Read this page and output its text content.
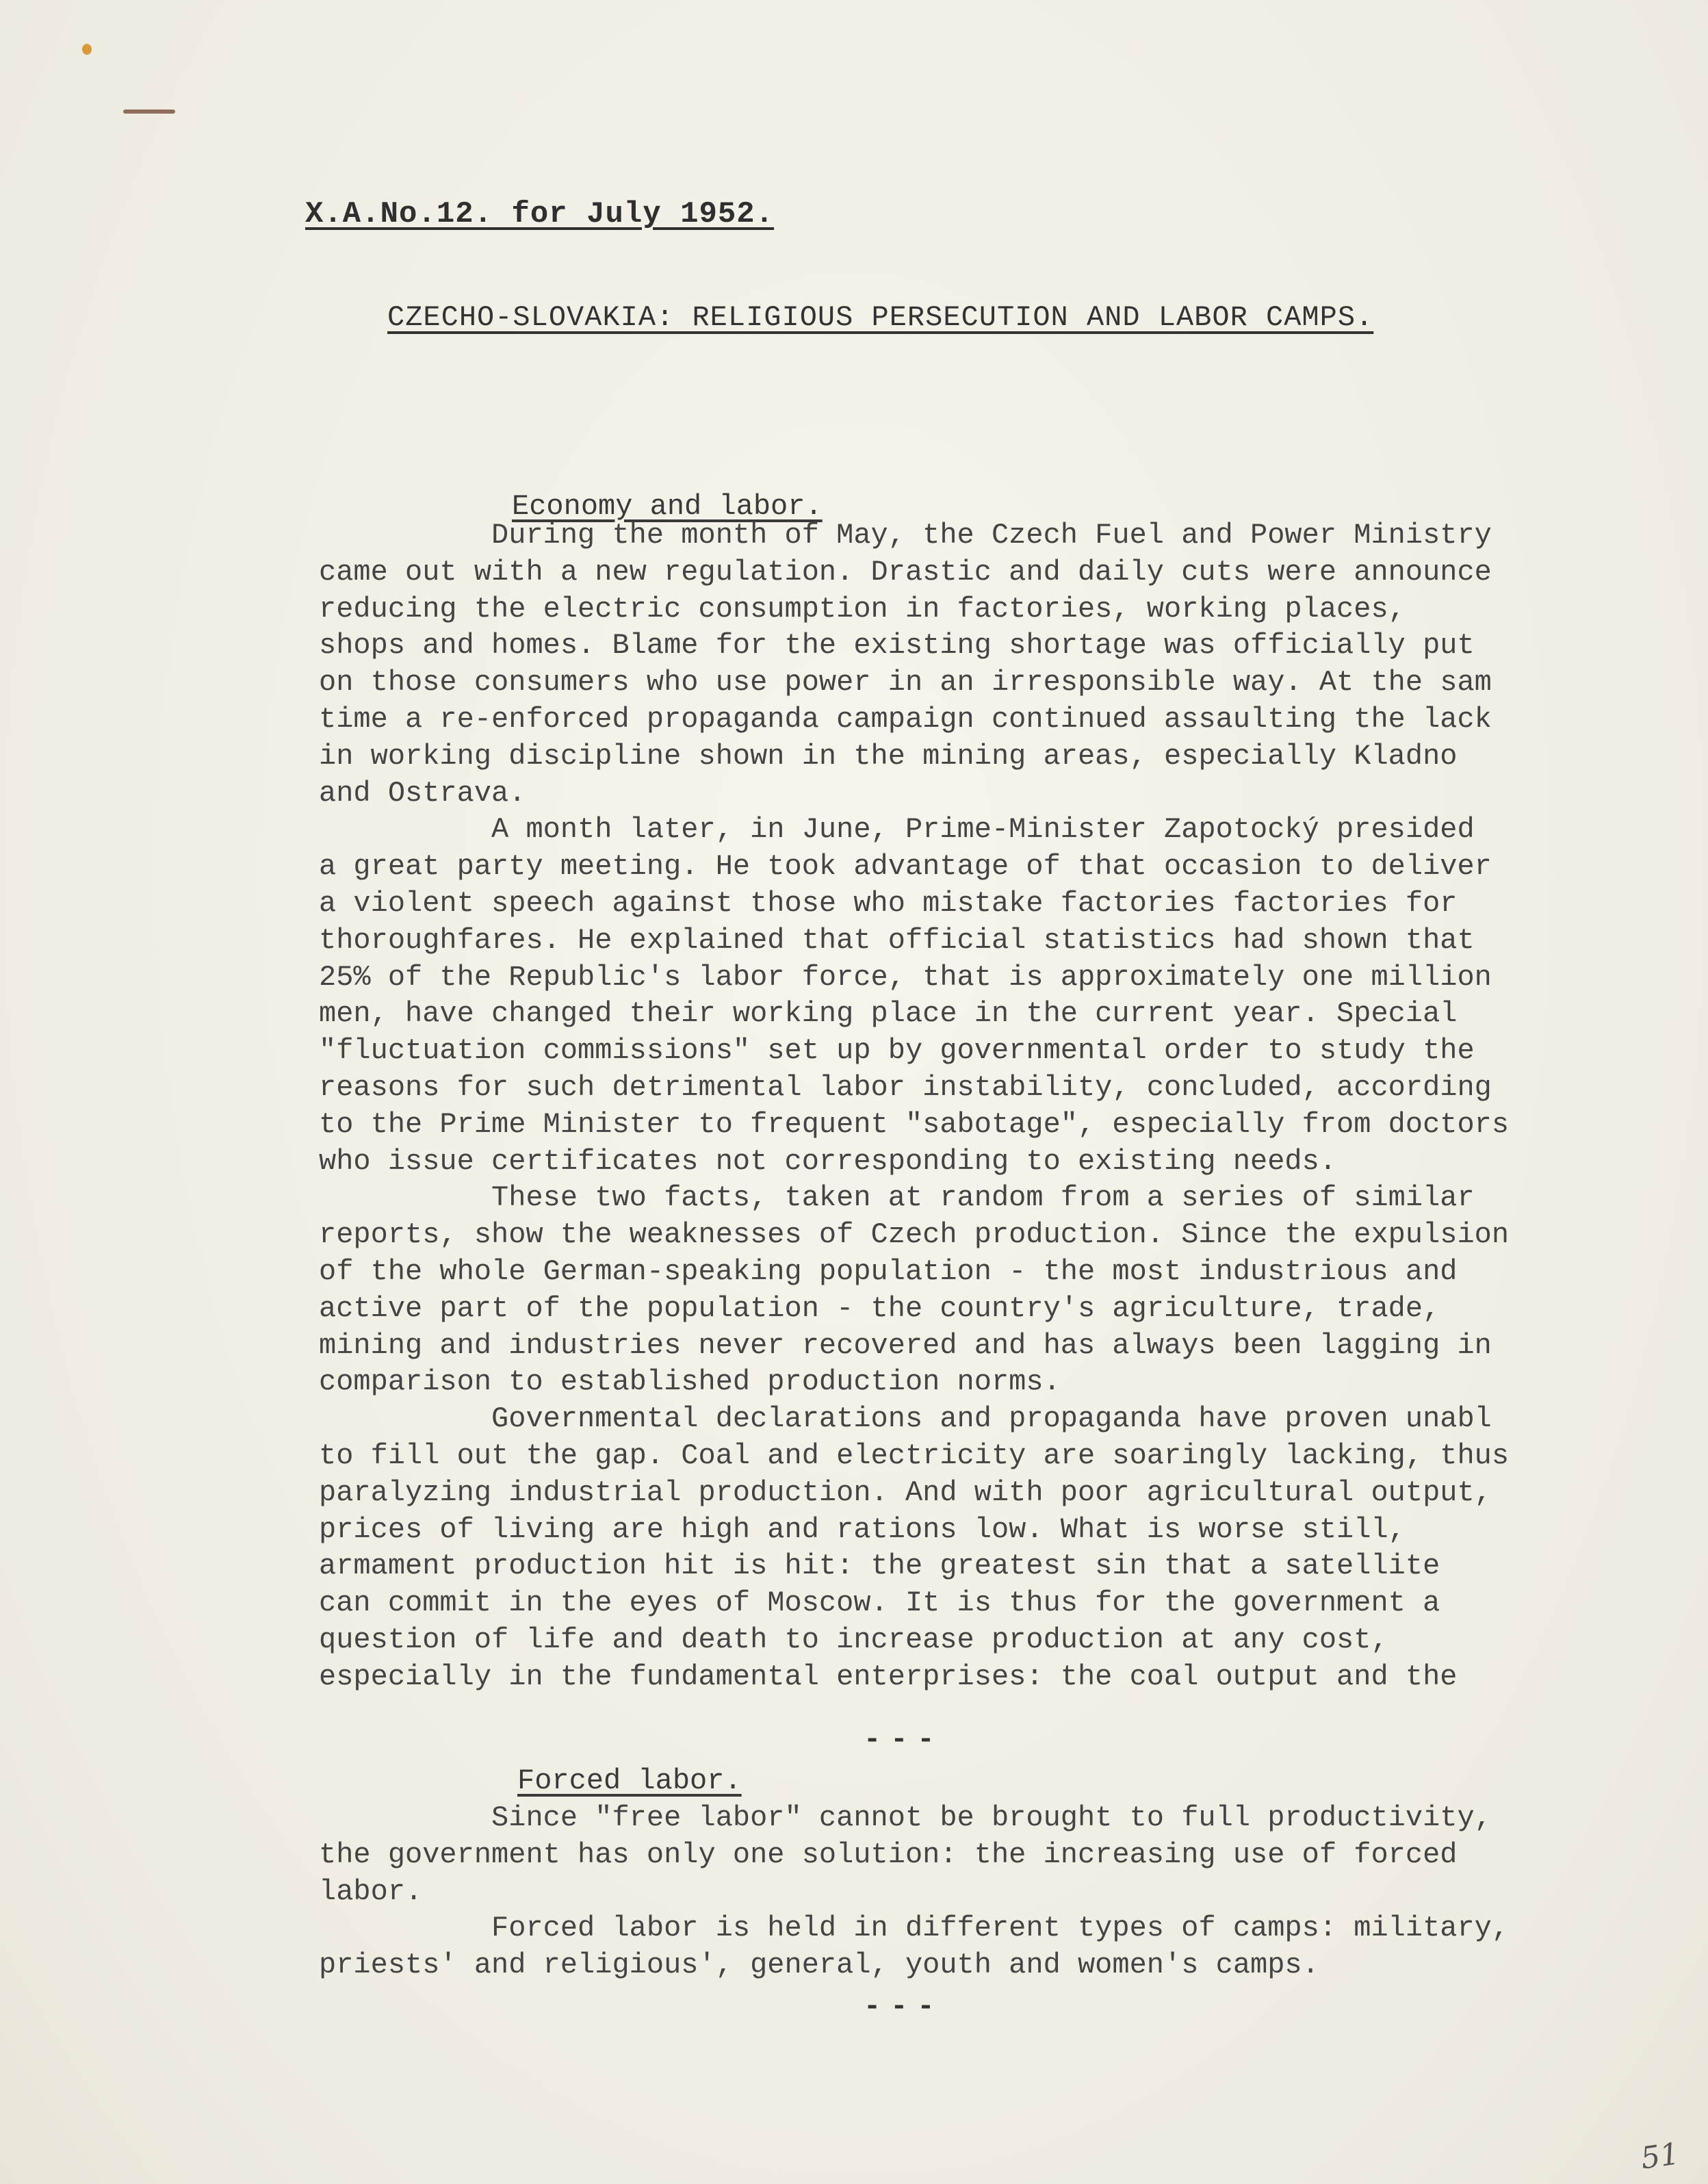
X.A.No.12. for July 1952.
CZECHO-SLOVAKIA: RELIGIOUS PERSECUTION AND LABOR CAMPS.
Economy and labor.
During the month of May, the Czech Fuel and Power Ministry
came out with a new regulation. Drastic and daily cuts were announce
reducing the electric consumption in factories, working places,
shops and homes. Blame for the existing shortage was officially put
on those consumers who use power in an irresponsible way. At the sam
time a re-enforced propaganda campaign continued assaulting the lack
in working discipline shown in the mining areas, especially Kladno
and Ostrava.
A month later, in June, Prime-Minister Zapotocký presided
a great party meeting. He took advantage of that occasion to deliver
a violent speech against those who mistake factories factories for
thoroughfares. He explained that official statistics had shown that
25% of the Republic's labor force, that is approximately one million
men, have changed their working place in the current year. Special
"fluctuation commissions" set up by governmental order to study the
reasons for such detrimental labor instability, concluded, according
to the Prime Minister to frequent "sabotage", especially from doctors
who issue certificates not corresponding to existing needs.
These two facts, taken at random from a series of similar
reports, show the weaknesses of Czech production. Since the expulsion
of the whole German-speaking population - the most industrious and
active part of the population - the country's agriculture, trade,
mining and industries never recovered and has always been lagging in
comparison to established production norms.
Governmental declarations and propaganda have proven unabl
to fill out the gap. Coal and electricity are soaringly lacking, thus
paralyzing industrial production. And with poor agricultural output,
prices of living are high and rations low. What is worse still,
armament production hit is hit: the greatest sin that a satellite
can commit in the eyes of Moscow. It is thus for the government a
question of life and death to increase production at any cost,
especially in the fundamental enterprises: the coal output and the
---
Forced labor.
Since "free labor" cannot be brought to full productivity,
the government has only one solution: the increasing use of forced
labor.
Forced labor is held in different types of camps: military,
priests' and religious', general, youth and women's camps.
---
51
